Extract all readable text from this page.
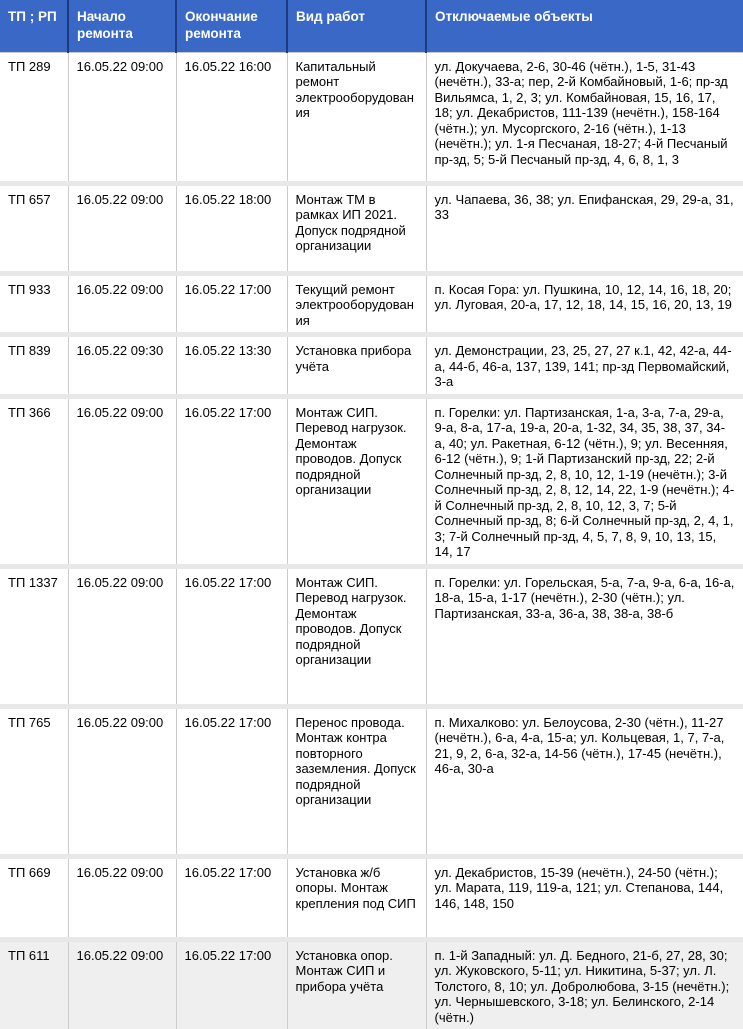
ТП ; РП	Начало ремонта	Окончание ремонта	Вид работ	Отключаемые объекты
ТП 289	16.05.22 09:00	16.05.22 16:00	Капитальный ремонт электрооборудования	ул. Докучаева, 2-6, 30-46 (чётн.), 1-5, 31-43 (нечётн.), 33-а; пер, 2-й Комбайновый, 1-6; пр-зд Вильямса, 1, 2, 3; ул. Комбайновая, 15, 16, 17, 18; ул. Декабристов, 111-139 (нечётн.), 158-164 (чётн.); ул. Мусоргского, 2-16 (чётн.), 1-13 (нечётн.); ул. 1-я Песчаная, 18-27; 4-й Песчаный пр-зд, 5; 5-й Песчаный пр-зд, 4, 6, 8, 1, 3
ТП 657	16.05.22 09:00	16.05.22 18:00	Монтаж ТМ в рамках ИП 2021. Допуск подрядной организации	ул. Чапаева, 36, 38; ул. Епифанская, 29, 29-а, 31, 33
ТП 933	16.05.22 09:00	16.05.22 17:00	Текущий ремонт электрооборудования	п. Косая Гора: ул. Пушкина, 10, 12, 14, 16, 18, 20; ул. Луговая, 20-а, 17, 12, 18, 14, 15, 16, 20, 13, 19
ТП 839	16.05.22 09:30	16.05.22 13:30	Установка прибора учёта	ул. Демонстрации, 23, 25, 27, 27 к.1, 42, 42-а, 44-а, 44-б, 46-а, 137, 139, 141; пр-зд Первомайский, 3-а
ТП 366	16.05.22 09:00	16.05.22 17:00	Монтаж СИП. Перевод нагрузок. Демонтаж проводов. Допуск подрядной организации	п. Горелки: ул. Партизанская, 1-а, 3-а, 7-а, 29-а, 9-а, 8-а, 17-а, 19-а, 20-а, 1-32, 34, 35, 38, 37, 34-а, 40; ул. Ракетная, 6-12 (чётн.), 9; ул. Весенняя, 6-12 (чётн.), 9; 1-й Партизанский пр-зд, 22; 2-й Солнечный пр-зд, 2, 8, 10, 12, 1-19 (нечётн.); 3-й Солнечный пр-зд, 2, 8, 12, 14, 22, 1-9 (нечётн.); 4-й Солнечный пр-зд, 2, 8, 10, 12, 3, 7; 5-й Солнечный пр-зд, 8; 6-й Солнечный пр-зд, 2, 4, 1, 3; 7-й Солнечный пр-зд, 4, 5, 7, 8, 9, 10, 13, 15, 14, 17
ТП 1337	16.05.22 09:00	16.05.22 17:00	Монтаж СИП. Перевод нагрузок. Демонтаж проводов. Допуск подрядной организации	п. Горелки: ул. Горельская, 5-а, 7-а, 9-а, 6-а, 16-а, 18-а, 15-а, 1-17 (нечётн.), 2-30 (чётн.); ул. Партизанская, 33-а, 36-а, 38, 38-а, 38-б
ТП 765	16.05.22 09:00	16.05.22 17:00	Перенос провода. Монтаж контра повторного заземления. Допуск подрядной организации	п. Михалково: ул. Белоусова, 2-30 (чётн.), 11-27 (нечётн.), 6-а, 4-а, 15-а; ул. Кольцевая, 1, 7, 7-а, 21, 9, 2, 6-а, 32-а, 14-56 (чётн.), 17-45 (нечётн.), 46-а, 30-а
ТП 669	16.05.22 09:00	16.05.22 17:00	Установка ж/б опоры. Монтаж крепления под СИП	ул. Декабристов, 15-39 (нечётн.), 24-50 (чётн.); ул. Марата, 119, 119-а, 121; ул. Степанова, 144, 146, 148, 150
ТП 611	16.05.22 09:00	16.05.22 17:00	Установка опор. Монтаж СИП и прибора учёта	п. 1-й Западный: ул. Д. Бедного, 21-б, 27, 28, 30; ул. Жуковского, 5-11; ул. Никитина, 5-37; ул. Л. Толстого, 8, 10; ул. Добролюбова, 3-15 (нечётн.); ул. Чернышевского, 3-18; ул. Белинского, 2-14 (чётн.)
